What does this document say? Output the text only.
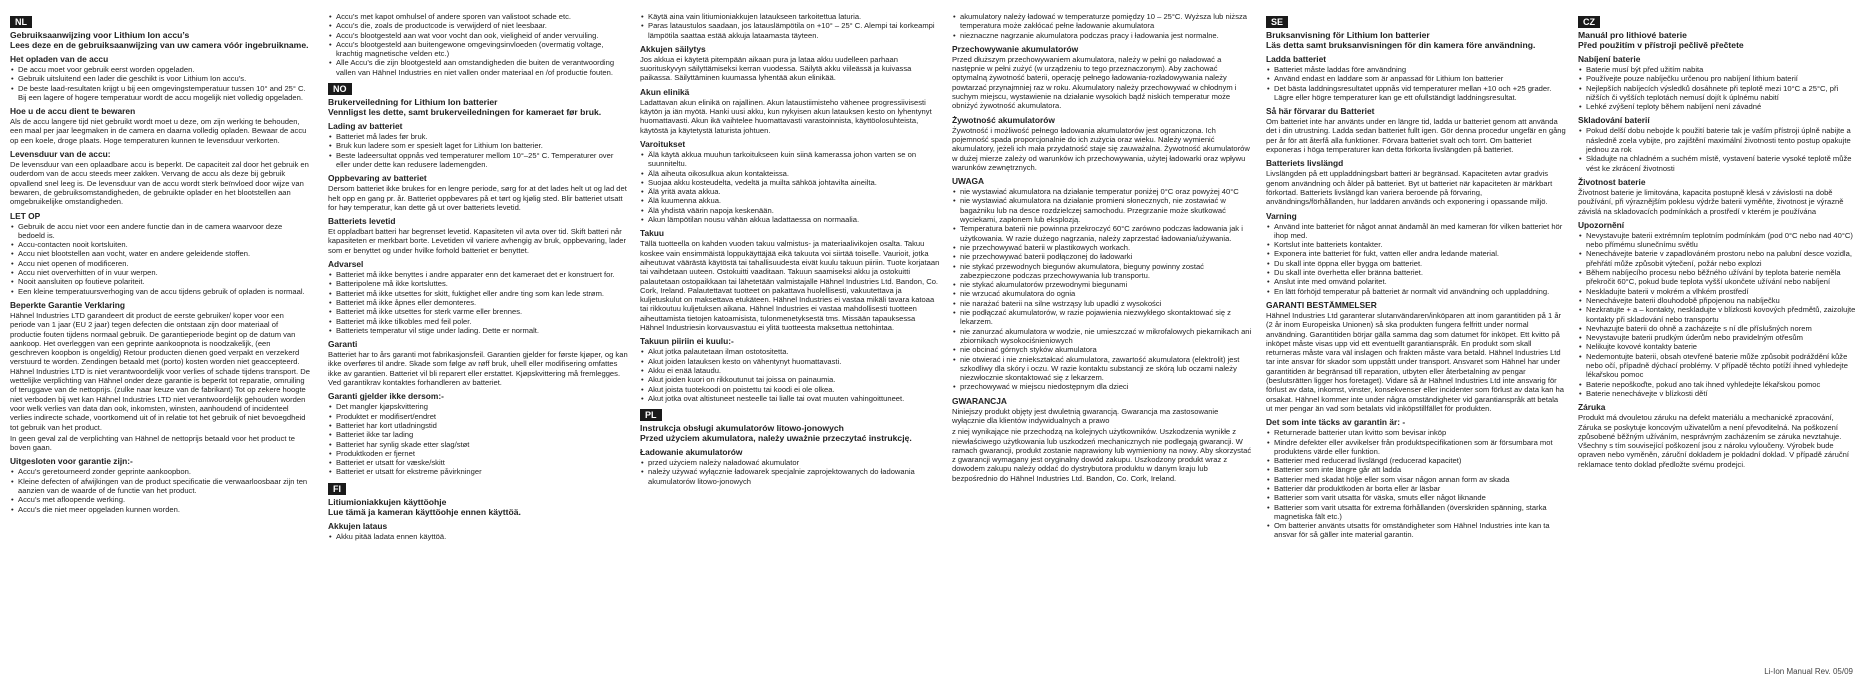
NL
Gebruiksaanwijzing voor Lithium Ion accu’s
Lees deze en de gebruiksaanwijzing van uw camera vóór ingebruikname.
Het opladen van de accu
• De accu moet voor gebruik eerst worden opgeladen.
• Gebruik uitsluitend een lader die geschikt is voor Lithium Ion accu’s.
• De beste laad-resultaten krijgt u bij een omgevingstemperatuur tussen 10° and 25° C. Bij een lagere of hogere temperatuur wordt de accu mogelijk niet volledig opgeladen.
Hoe u de accu dient te bewaren

Als de accu langere tijd niet gebruikt wordt moet u deze, om zijn werking te behouden, een maal per jaar leegmaken in de camera en daarna volledig opladen. Bewaar de accu op een koele, droge plaats. Hoge temperaturen kunnen te levensduur verkorten.

Levensduur van de accu:

De levensduur van een oplaadbare accu is beperkt. De capaciteit zal door het gebruik en ouderdom van de accu steeds meer zakken. Vervang de accu als deze bij gebruik opvallend snel leeg is. De levensduur van de accu wordt sterk beïnvloed door wijze van bewaren, de gebruiksomstandigheden, de gebruikte oplader en het blootstellen aan omgebruikelijke omstandigheden.

LET OP
• Gebruik de accu niet voor een andere functie dan in de camera waarvoor deze bedoeld is.
• Accu-contacten nooit kortsluiten.
• Accu niet blootstellen aan vocht, water en andere geleidende stoffen.
• Accu niet openen of modificeren.
• Accu niet oververhitten of in vuur werpen.
• Nooit aansluiten op foutieve polariteit.
• Een kleine temperatuursverhoging van de accu tijdens gebruik of opladen is normaal.
Beperkte Garantie Verklaring

Hähnel Industries LTD garandeert dit product de eerste gebruiker/ koper voor een periode van 1 jaar (EU 2 jaar) tegen defecten die ontstaan zijn door materiaal of productie fouten tijdens normaal gebruik. De garantieperiode begint op de datum van aankoop. Het overleggen van een geprinte aankoopnota is noodzakelijk, (een geschreven koopbon is ongeldig) Retour producten dienen goed verpakt en verzekerd verstuurd te worden. Zendingen betaald met (porto) kosten worden niet geaccepteerd. Hähnel Industries LTD is niet verantwoordelijk voor verlies of schade tijdens transport. De wettelijke verplichting van Hähnel onder deze garantie is beperkt tot reparatie, omruiling of teruggave van de nettoprijs. (zulke naar keuze van de fabrikant) Tot op zekere hoogte niet verboden bij wet kan Hähnel Industries LTD niet verantwoordelijk gehouden worden voor welk verlies van data dan ook, inkomsten, winsten, aanhoudend of incidenteel verlies indirecte schade, voortkomend uit of in relatie tot het gebruik of niet bevoegdheid tot gebruik van het product.

In geen geval zal de verplichting van Hähnel de nettoprijs betaald voor het product te boven gaan.

Uitgesloten voor garantie zijn:-
• Accu’s geretourneerd zonder geprinte aankoopbon.
• Kleine defecten of afwijkingen van de product specificatie die verwaarloosbaar zijn ten aanzien van de waarde of de functie van het product.
• Accu’s met afloopende werking.
• Accu’s die niet meer opgeladen kunnen worden.
• Accu’s met kapot omhulsel of andere sporen van valistoot schade etc.
• Accu’s die, zoals de productcode is verwijderd of niet leesbaar.
• Accu’s blootgesteld aan wat voor vocht dan ook, vieligheid of ander vervuiling.
• Accu’s blootgesteld aan buitengewone omgevingsinvloeden (overmatig voltage, krachtig magnetische velden etc.)
• Alle Accu’s die zijn blootgesteld aan omstandigheden die buiten de verantwoording vallen van Hähnel Industries en niet vallen onder materiaal en /of productie fouten.
NO
Brukerveiledning for Lithium Ion batterier
Vennligst les dette, samt brukerveiledningen for kameraet før bruk.
Lading av batteriet
• Batteriet må lades før bruk.
• Bruk kun ladere som er spesielt laget for Lithium Ion batterier.
• Beste ladeersultat oppnås ved temperaturer mellom 10°–25° C. Temperaturer over eller under dette kan redusere lademengden.
Oppbevaring av batteriet

Dersom batteriet ikke brukes for en lengre periode, sørg for at det lades helt ut og lad det helt opp en gang pr. år. Batteriet oppbevares på et tørt og kjølig sted. Blir batteriet utsatt for høy temperatur, kan dette gå ut over batteriets levetid.

Batteriets levetid

Et oppladbart batteri har begrenset levetid. Kapasiteten vil avta over tid. Skift batteri når kapasiteten er merkbart borte. Levetiden vil variere avhengig av bruk, oppbevaring, lader som er benyttet og under hvilke forhold batteriet er benyttet.

Advarsel
• Batteriet må ikke benyttes i andre apparater enn det kameraet det er konstruert for.
• Batteripolene må ikke kortsluttes.
• Batteriet må ikke utsettes for skitt, fuktighet eller andre ting som kan lede strøm.
• Batteriet må ikke åpnes eller demonteres.
• Batteriet må ikke utsettes for sterk varme eller brennes.
• Batteriet må ikke tilkobles med feil poler.
• Batteriets temperatur vil stige under lading. Dette er normalt.
Garanti

Batteriet har to års garanti mot fabrikasjonsfeil. Garantien gjelder for første kjøper, og kan ikke overføres til andre. Skade som følge av røff bruk, uhell eller modifisering omfattes ikke av garantien. Batteriet vil bli reparert eller erstattet. Kjøpskvittering må fremlegges. Ved garantikrav kontaktes forhandleren av batteriet.

Garanti gjelder ikke dersom:-
• Det mangler kjøpskvittering
• Produktet er modifisert/endret
• Batteriet har kort utladningstid
• Batteriet ikke tar lading
• Batteriet har synlig skade etter slag/støt
• Produktkoden er fjernet
• Batteriet er utsatt for væske/skitt
• Batteriet er utsatt for ekstreme påvirkninger
FI
Litiumioniakkujen käyttöohje
Lue tämä ja kameran käyttöohje ennen käyttöä.
Akkujen lataus
• Akku pitää ladata ennen käyttöä.
• Käytä aina vain litiumioniakkujen lataukseen tarkoitettua laturia.
• Paras lataustulos saadaan, jos latauslämpötila on +10° – 25° C. Alempi tai korkeampi lämpötila saattaa estää akkuja lataamasta täyteen.
Akkujen säilytys

Jos akkua ei käytetä pitempään aikaan pura ja lataa akku uudelleen parhaan suorituskyvyn säilyttämiseksi kerran vuodessa. Säilytä akku viileässä ja kuivassa paikassa. Säilyttäminen kuumassa lyhentää akun elinikää.

Akun elinikä

Ladattavan akun elinikä on rajallinen. Akun lataustiimisteho vähenee progressiivisesti käytön ja iän myötä. Hanki uusi akku, kun nykyisen akun latauksen kesto on lyhentynyt huomattavasti. Akun ikä vaihtelee huomattavasti varastoinnista, käyttöolosuhteista, käytöstä ja käytetystä laturista johtuen.

Varoitukset
• Älä käytä akkua muuhun tarkoitukseen kuin siinä kamerassa johon varten se on suunniteltu.
• Älä aiheuta oikosulkua akun kontakteissa.
• Suojaa akku kosteudelta, vedeltä ja muilta sähköä johtavilta aineilta.
• Älä yritä avata akkua.
• Älä kuumenna akkua.
• Älä yhdistä väärin napoja keskenään.
• Akun lämpötilan nousu vähän akkua ladattaessa on normaalia.
Takuu

Tällä tuotteella on kahden vuoden takuu valmistus- ja materiaalivikojen osalta. Takuu koskee vain ensimmäistä loppukäyttäjää eikä takuuta voi siirtää toiselle. Vaurioit, jotka aiheutuvat väärästä käytöstä tai tahallisuudesta eivät kuulu takuun piiriin. Tuote korjataan tai vaihdetaan uuteen. Ostokuitti vaaditaan. Takuun saamiseksi akku ja ostokuitti palautetaan ostopaikkaan tai lähetetään valmistajalle Hähnel Industries Ltd. Bandon, Co. Cork, Ireland. Palautettavat tuotteet on pakattava huolellisesti, vakuutettava ja kuljetuskulut on maksettava etukäteen. Hähnel Industries ei vastaa mikäli tavara katoaa tai rikkoutuu kuljetuksen aikana. Hähnel Industries ei vastaa mahdollisesti tuotteen aiheuttamista tietojen katoamisista, tulonmenetyksestä tms. Missään tapauksessa Hähnel Industriesin korvausvastuu ei ylitä tuotteesta maksettua nettohintaa.

Takuun piiriin ei kuulu:-
• Akut jotka palautetaan ilman ostotositetta.
• Akut joiden latauksen kesto on vähentynyt huomattavasti.
• Akku ei enää lataudu.
• Akut joiden kuori on rikkoutunut tai joissa on painaumia.
• Akut joista tuotekoodi on poistettu tai koodi ei ole olkea.
• Akut jotka ovat altistuneet nesteelle tai lialle tai ovat muuten vahingoittuneet.
PL
Instrukcja obsługi akumulatorów litowo-jonowych
Przed użyciem akumulatora, należy uważnie przeczytać instrukcję.
Ładowanie akumulatorów
• przed użyciem należy naładować akumulator
• należy używać wyłącznie ładowarek specjalnie zaprojektowanych do ładowania akumulatorów litowo-jonowych
• akumulatory należy ładować w temperaturze pomiędzy 10 – 25°C. Wyższa lub niższa temperatura może zakłócać pełne ładowanie akumulatora
• nieznaczne nagrzanie akumulatora podczas pracy i ładowania jest normalne.
Przechowywanie akumulatorów

Przed dłuższym przechowywaniem akumulatora, należy w pełni go naładować a następnie w pełni zużyć (w urządzeniu to tego przeznaczonym). Aby zachować optymalną żywotność baterii, operację pełnego ładowania-rozładowywania należy powtarzać przynajmniej raz w roku. Akumulatory należy przechowywać w chłodnym i suchym miejscu, wystawienie na działanie wysokich bądź niskich temperatur może obniżyć żywotność akumulatora.

Żywotność akumulatorów

Żywotność i możliwość pełnego ładowania akumulatorów jest ograniczona. Ich pojemność spada proporcjonalnie do ich zużycia oraz wieku. Należy wymienić akumulatory, jeżeli ich mała przydatność staje się zauważalna. Żywotność akumulatorów w dużej mierze zależy od warunków ich przechowywania, użytej ładowarki oraz wpływu warunków zewnętrznych.

UWAGA
• nie wystawiać akumulatora na działanie temperatur poniżej 0°C oraz powyżej 40°C
• nie wystawiać akumulatora na działanie promieni słonecznych, nie zostawiać w bagażniku lub na desce rozdzielczej samochodu. Przegrzanie może skutkować wyciekami, zapłonem lub eksplozją.
• Temperatura baterii nie powinna przekroczyć 60°C zarówno podczas ładowania jak i użytkowania. W razie dużego nagrzania, należy zaprzestać ładowania/używania.
• nie przechowywać baterii w plastikowych workach.
• nie przechowywać baterii podłączonej do ładowarki
• nie stykać przewodnych biegunów akumulatora, bieguny powinny zostać zabezpieczone podczas przechowywania lub transportu.
• nie stykać akumulatorów przewodnymi biegunami
• nie wrzucać akumulatora do ognia
• nie narażać baterii na silne wstrząsy lub upadki z wysokości
• nie podłączać akumulatorów, w razie pojawienia niezwykłego skontaktować się z lekarzem.
• nie zanurzać akumulatora w wodzie, nie umieszczać w mikrofalowych piekarnikach ani zbiornikach wysokociśnieniowych
• nie obcinać górnych styków akumulatora
• nie otwierać i nie zniekształcać akumulatora, zawartość akumulatora (elektrolit) jest szkodliwy dla skóry i oczu. W razie kontaktu substancji ze skórą lub oczami należy niezwłocznie skontaktować się z lekarzem.
• przechowywać w miejscu niedostępnym dla dzieci
GWARANCJA

Niniejszy produkt objęty jest dwuletnią gwarancją. Gwarancja ma zastosowanie wyłącznie dla klientów indywidualnych a prawo

z niej wynikające nie przechodzą na kolejnych użytkowników. Uszkodzenia wynikłe z niewłaściwego użytkowania lub uszkodzeń mechanicznych nie podlegają gwarancji. W ramach gwarancji, produkt zostanie naprawiony lub wymieniony na nowy. Aby skorzystać z gwarancji wymagany jest oryginalny dowód zakupu. Uszkodzony produkt wraz z dowodem zakupu należy oddać do dystrybutora produktu w danym kraju lub bezpośrednio do Hähnel Industries Ltd. Bandon, Co. Cork, Ireland.

SE
Bruksanvisning för Lithium Ion batterier
Läs detta samt bruksanvisningen för din kamera före användning.
Ladda batteriet
• Batteriet måste laddas före användning
• Använd endast en laddare som är anpassad för Lithium Ion batterier
• Det bästa laddningsresultatet uppnås vid temperaturer mellan +10 och +25 grader. Lägre eller högre temperaturer kan ge ett ofullständigt laddningsresultat.
Så här förvarar du Batteriet

Om batteriet inte har använts under en längre tid, ladda ur batteriet genom att använda det i din utrustning. Ladda sedan batteriet fullt igen. Gör denna procedur ungefär en gång per år för att återfå alla funktioner. Förvara batteriet svalt och torrt. Om batteriet exponeras i höga temperaturer kan detta förkorta livslängden på batteriet.

Batteriets livslängd

Livslängden på ett uppladdningsbart batteri är begränsad. Kapaciteten avtar gradvis genom användning och ålder på batteriet. Byt ut batteriet när kapaciteten är märkbart förkortad. Batteriets livslängd kan variera beroende på förvaring, användnings/förhållanden, hur laddaren används och exponering i opassande miljö.

Varning
• Använd inte batteriet för något annat ändamål än med kameran för vilken batteriet hör ihop med.
• Kortslut inte batteriets kontakter.
• Exponera inte batteriet för fukt, vatten eller andra ledande material.
• Du skall inte öppna eller bygga om batteriet.
• Du skall inte överhetta eller bränna batteriet.
• Anslut inte med omvänd polaritet.
• En lätt förhöjd temperatur på batteriet är normalt vid användning och uppladdning.
GARANTI BESTÄMMELSER

Hähnel Industries Ltd garanterar slutanvändaren/inköparen att inom garantitiden på 1 år (2 år inom Europeiska Unionen) så ska produkten fungera felfritt under normal användning. Garantitiden börjar gälla samma dag som datumet för inköpet. Ett kvitto på inköpet måste visas upp vid ett eventuellt garantianspråk. En produkt som skall returneras måste vara väl inslagen och frakten måste vara betald. Hähnel Industries Ltd tar inte ansvar för skador som uppstått under transport. Ansvaret som Hähnel har under garantitiden är begränsad till reparation, utbyten eller återbetalning av pengar (beslutsrätten ligger hos foretaget). Vidare så är Hähnel Industries Ltd inte ansvarig för förlust av data, inkomst, vinster, konsekvenser eller incidenter som förlust av data kan ha orsakat. Hähnel kommer inte under några omständigheter vid garantianspråk att betala ut mer pengar än vad som betalats vid inköpstillfället för produkten.

Det som inte täcks av garantin är: -
• Returnerade batterier utan kvitto som bevisar inköp
• Mindre defekter eller avvikelser från produktspecifikationen som är försumbara mot produktens värde eller funktion.
• Batterier med reducerad livslängd (reducerad kapacitet)
• Batterier som inte längre går att ladda
• Batterier med skadat hölje eller som visar någon annan form av skada
• Batterier där produktkoden är borta eller är läsbar
• Batterier som varit utsatta för väska, smuts eller något liknande
• Batterier som varit utsatta för extrema förhållanden (överskriden spänning, starka magnetiska fält etc.)
• Om batterier använts utsatts för omständigheter som Hähnel Industries inte kan ta ansvar för så gäller inte material garantin.
CZ
Manuál pro lithiové baterie
Před použitím v přístroji pečlivě přečtete
Nabíjení baterie
• Baterie musí být před užitím nabita
• Používejte pouze nabíječku určenou pro nabíjení lithium baterií
• Nejlepších nabíjecích výsledků dosáhnete při teplotě mezi 10°C a 25°C, při nižších či vyšších teplotách nemusí dojít k úplnému nabití
• Lehké zvýšení teploty během nabíjení není závadné
Skladování baterií
• Pokud delší dobu nebojde k použití baterie tak je vaším přístroji úplně nabijte a následně zcela vybijte, pro zajištění maximální životnosti tento postup opakujte jednou za rok
• Skladujte na chladném a suchém místě, vystavení baterie vysoké teplotě může vést ke zkrácení životnosti
Životnost baterie

Životnost baterie je limitována, kapacita postupně klesá v závislosti na době používání, při výraznějším poklesu výdrže baterii vyměňte, životnost je výrazně závislá na skladovacích podmínkách a prostředí v kterém je používána

Upozornění
• Nevystavujte baterii extrémním teplotním podmínkám (pod 0°C nebo nad 40°C) nebo přímému slunečnímu světlu
• Nenechávejte baterie v zapadlováném prostoru nebo na palubní desce vozidla, přehřátí může způsobit výtečení, požár nebo explozi
• Během nabíjecího procesu nebo běžného užívání by teplota baterie neměla překročit 60°C, pokud bude teplota vyšší ukončete užívání nebo nabíjení
• Neskladujte baterii v mokrém a vlhkém prostředí
• Nenechávejte baterii dlouhodobě připojenou na nabíječku
• Nezkratujte + a – kontakty, neskladujte v blízkosti kovových předmětů, zaizolujte kontakty při skladování nebo transportu
• Nevhazujte baterii do ohně a zacházejte s ní dle příslušných norem
• Nevystavujte baterii prudkým úderům nebo pravidelným otřesům
• Nelikujte kovové kontakty baterie
• Nedemontujte baterii, obsah otevřené baterie může způsobit podráždění kůže nebo očí, případně dýchací problémy. V případě těchto potíží ihned vyhledejte lékařskou pomoc
• Baterie nepoškoďte, pokud ano tak ihned vyhledejte lékařskou pomoc
• Baterie nenechávejte v blízkosti dětí
Záruka

Produkt má dvouletou záruku na defekt materiálu a mechanické zpracování, Záruka se poskytuje koncovým uživatelům a není převoditelná. Na poškození způsobené běžným užíváním, nesprávným zacházením se záruka nevztahuje. Všechny s tím související poškození jsou z nároku vyloučeny. Výrobek bude opraven nebo vyměněn, záruční dokladem je pokladní doklad. V případě záruční reklamace tento doklad předložte svému prodejci.

Li-Ion Manual Rev. 05/09
